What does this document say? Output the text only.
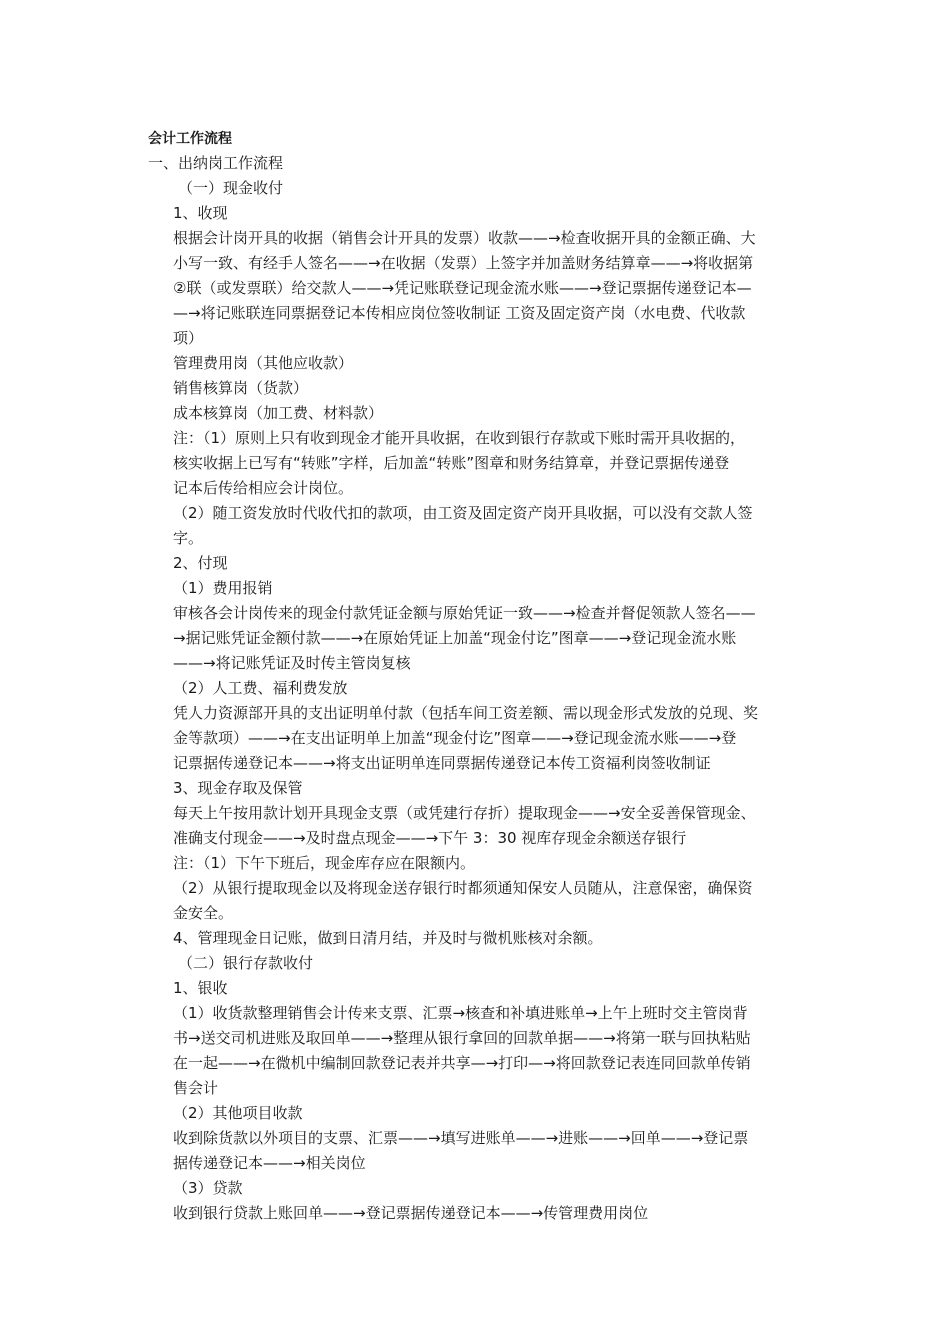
会计工作流程
一、出纳岗工作流程
（一）现金收付
1、收现
根据会计岗开具的收据（销售会计开具的发票）收款——→检查收据开具的金额正确、大
小写一致、有经手人签名——→在收据（发票）上签字并加盖财务结算章——→将收据第
②联（或发票联）给交款人——→凭记账联登记现金流水账——→登记票据传递登记本—
—→将记账联连同票据登记本传相应岗位签收制证 工资及固定资产岗（水电费、代收款
项）
管理费用岗（其他应收款）
销售核算岗（货款）
成本核算岗（加工费、材料款）
注：（1）原则上只有收到现金才能开具收据，在收到银行存款或下账时需开具收据的，
核实收据上已写有“转账”字样，后加盖“转账”图章和财务结算章，并登记票据传递登
记本后传给相应会计岗位。
（2）随工资发放时代收代扣的款项，由工资及固定资产岗开具收据，可以没有交款人签
字。
2、付现
（1）费用报销
审核各会计岗传来的现金付款凭证金额与原始凭证一致——→检查并督促领款人签名——
→据记账凭证金额付款——→在原始凭证上加盖“现金付讫”图章——→登记现金流水账
——→将记账凭证及时传主管岗复核
（2）人工费、福利费发放
凭人力资源部开具的支出证明单付款（包括车间工资差额、需以现金形式发放的兑现、奖
金等款项）——→在支出证明单上加盖“现金付讫”图章——→登记现金流水账——→登
记票据传递登记本——→将支出证明单连同票据传递登记本传工资福利岗签收制证
3、现金存取及保管
每天上午按用款计划开具现金支票（或凭建行存折）提取现金——→安全妥善保管现金、
准确支付现金——→及时盘点现金——→下午 3：30 视库存现金余额送存银行
注：（1）下午下班后，现金库存应在限额内。
（2）从银行提取现金以及将现金送存银行时都须通知保安人员随从，注意保密，确保资
金安全。
4、管理现金日记账，做到日清月结，并及时与微机账核对余额。
（二）银行存款收付
1、银收
（1）收货款整理销售会计传来支票、汇票→核查和补填进账单→上午上班时交主管岗背
书→送交司机进账及取回单——→整理从银行拿回的回款单据——→将第一联与回执粘贴
在一起——→在微机中编制回款登记表并共享—→打印—→将回款登记表连同回款单传销
售会计
（2）其他项目收款
收到除货款以外项目的支票、汇票——→填写进账单——→进账——→回单——→登记票
据传递登记本——→相关岗位
（3）贷款
收到银行贷款上账回单——→登记票据传递登记本——→传管理费用岗位
